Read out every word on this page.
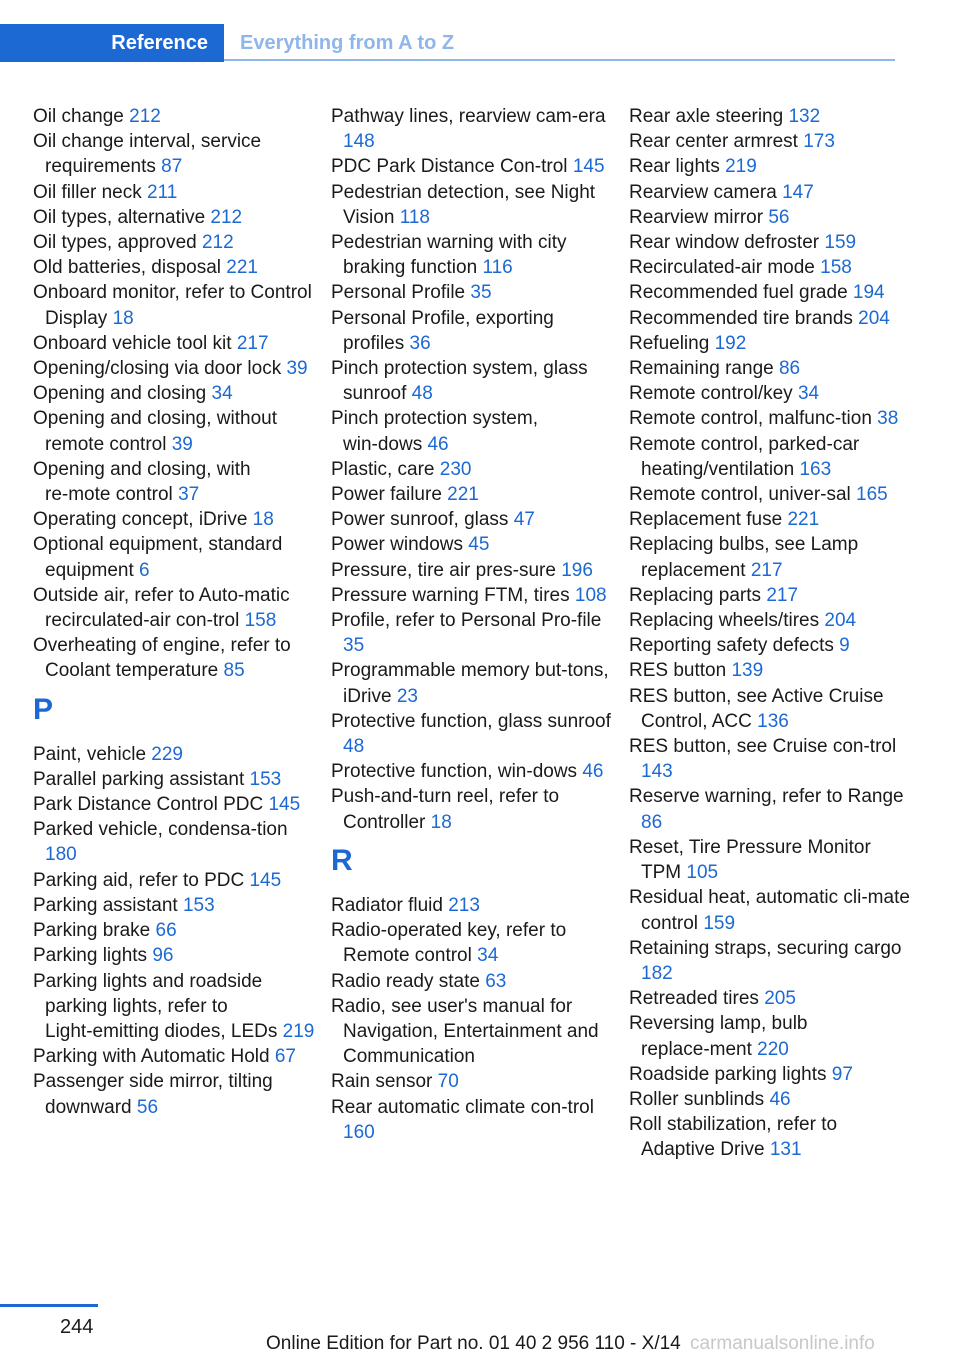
Reference	Everything from A to Z
Oil change 212
Oil change interval, service requirements 87
Oil filler neck 211
Oil types, alternative 212
Oil types, approved 212
Old batteries, disposal 221
Onboard monitor, refer to Control Display 18
Onboard vehicle tool kit 217
Opening/closing via door lock 39
Opening and closing 34
Opening and closing, without remote control 39
Opening and closing, with re‑mote control 37
Operating concept, iDrive 18
Optional equipment, standard equipment 6
Outside air, refer to Auto‑matic recirculated‑air con‑trol 158
Overheating of engine, refer to Coolant temperature 85
P
Paint, vehicle 229
Parallel parking assistant 153
Park Distance Control PDC 145
Parked vehicle, condensa‑tion 180
Parking aid, refer to PDC 145
Parking assistant 153
Parking brake 66
Parking lights 96
Parking lights and roadside parking lights, refer to Light‑emitting diodes, LEDs 219
Parking with Automatic Hold 67
Passenger side mirror, tilting downward 56
Pathway lines, rearview cam‑era 148
PDC Park Distance Con‑trol 145
Pedestrian detection, see Night Vision 118
Pedestrian warning with city braking function 116
Personal Profile 35
Personal Profile, exporting profiles 36
Pinch protection system, glass sunroof 48
Pinch protection system, win‑dows 46
Plastic, care 230
Power failure 221
Power sunroof, glass 47
Power windows 45
Pressure, tire air pres‑sure 196
Pressure warning FTM, tires 108
Profile, refer to Personal Pro‑file 35
Programmable memory but‑tons, iDrive 23
Protective function, glass sunroof 48
Protective function, win‑dows 46
Push‑and‑turn reel, refer to Controller 18
R
Radiator fluid 213
Radio‑operated key, refer to Remote control 34
Radio ready state 63
Radio, see user's manual for Navigation, Entertainment and Communication
Rain sensor 70
Rear automatic climate con‑trol 160
Rear axle steering 132
Rear center armrest 173
Rear lights 219
Rearview camera 147
Rearview mirror 56
Rear window defroster 159
Recirculated‑air mode 158
Recommended fuel grade 194
Recommended tire brands 204
Refueling 192
Remaining range 86
Remote control/key 34
Remote control, malfunc‑tion 38
Remote control, parked‑car heating/ventilation 163
Remote control, univer‑sal 165
Replacement fuse 221
Replacing bulbs, see Lamp replacement 217
Replacing parts 217
Replacing wheels/tires 204
Reporting safety defects 9
RES button 139
RES button, see Active Cruise Control, ACC 136
RES button, see Cruise con‑trol 143
Reserve warning, refer to Range 86
Reset, Tire Pressure Monitor TPM 105
Residual heat, automatic cli‑mate control 159
Retaining straps, securing cargo 182
Retreaded tires 205
Reversing lamp, bulb replace‑ment 220
Roadside parking lights 97
Roller sunblinds 46
Roll stabilization, refer to Adaptive Drive 131
244
Online Edition for Part no. 01 40 2 956 110 - X/14 carmanualsonline.info
